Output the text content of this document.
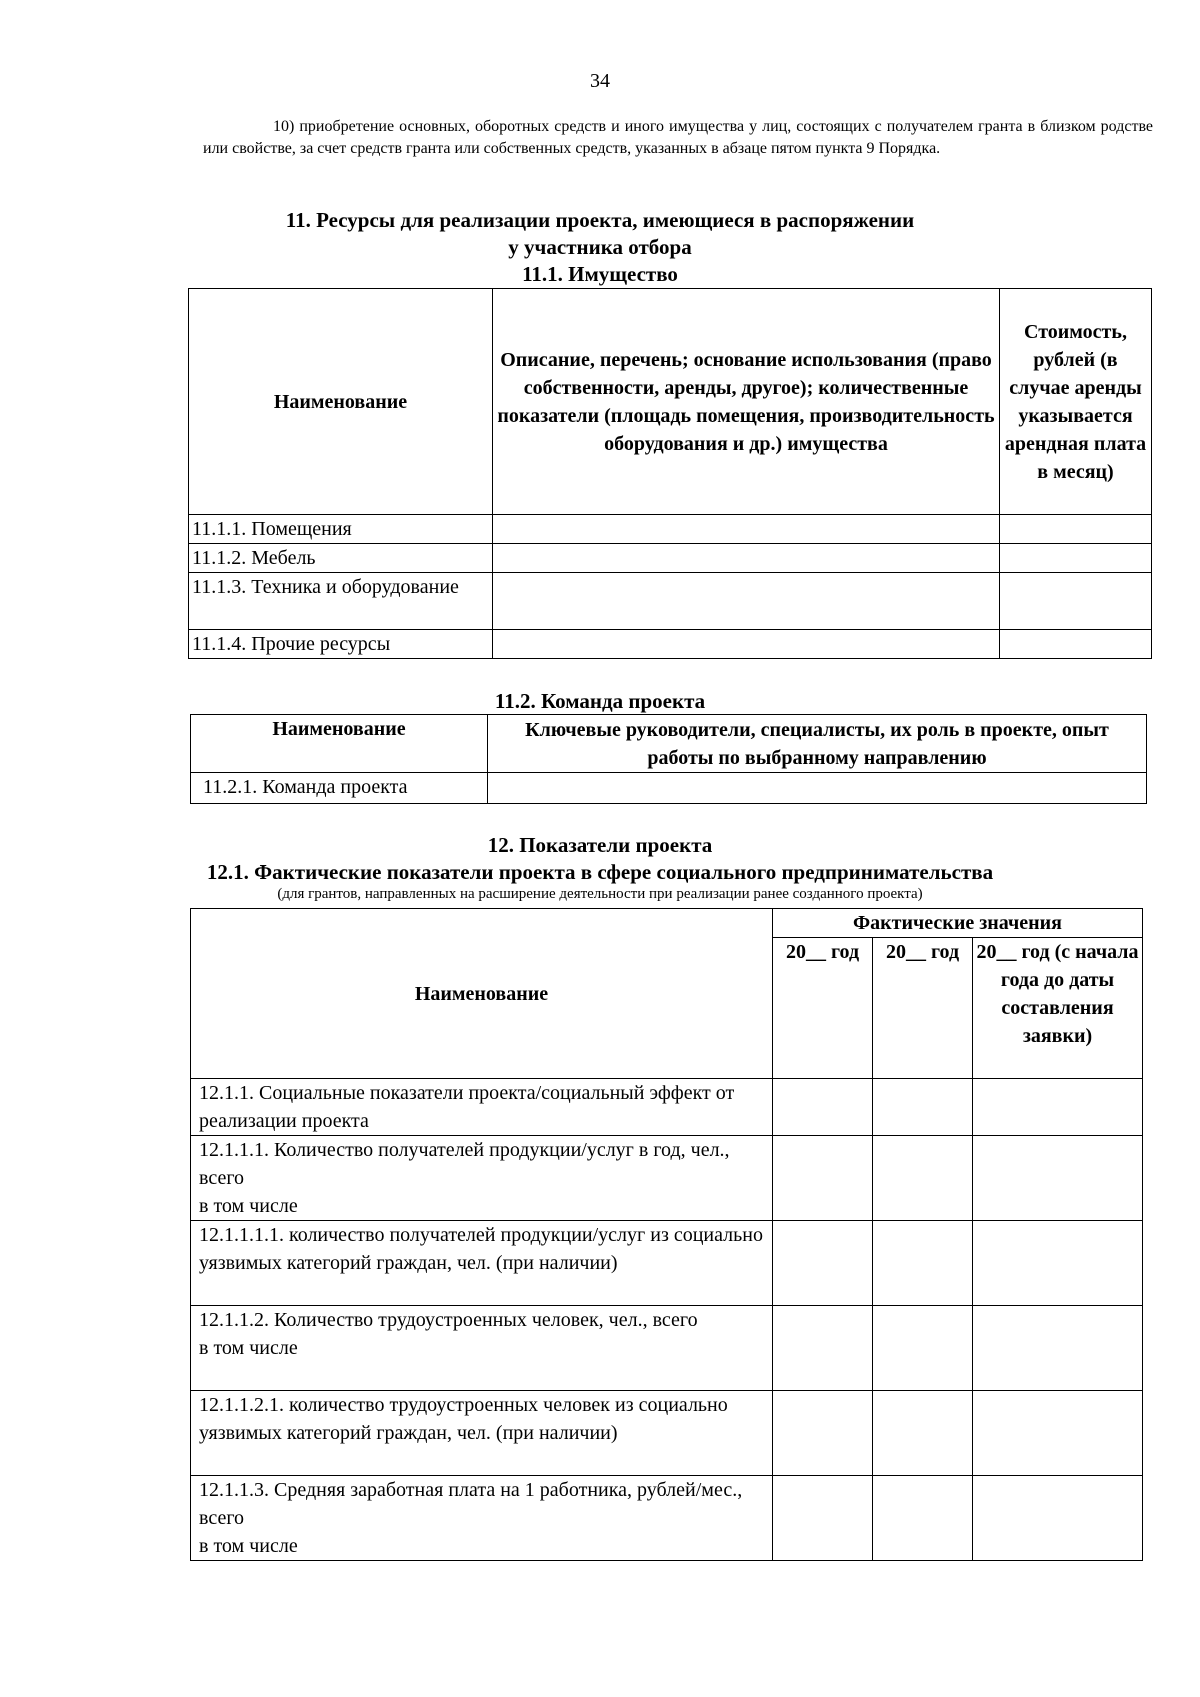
34

10) приобретение основных, оборотных средств и иного имущества у лиц, состоящих с получателем гранта в близком родстве или свойстве, за счет средств гранта или собственных средств, указанных в абзаце пятом пункта 9 Порядка.

11. Ресурсы для реализации проекта, имеющиеся в распоряжении
у участника отбора
11.1. Имущество
Наименование	Описание, перечень; основание использования (право собственности, аренды, другое); количественные показатели (площадь помещения, производительность оборудования и др.) имущества	Стоимость, рублей (в случае аренды указывается арендная плата в месяц)
11.1.1. Помещения		
11.1.2. Мебель		
11.1.3. Техника и оборудование		
11.1.4. Прочие ресурсы		
11.2. Команда проекта
Наименование	Ключевые руководители, специалисты, их роль в проекте, опыт работы по выбранному направлению
11.2.1. Команда проекта	
12. Показатели проекта
12.1. Фактические показатели проекта в сфере социального предпринимательства
(для грантов, направленных на расширение деятельности при реализации ранее созданного проекта)
Наименование	Фактические значения		
	20__ год	20__ год	20__ год (с начала года до даты составления заявки)
12.1.1. Социальные показатели проекта/социальный эффект от реализации проекта			
12.1.1.1. Количество получателей продукции/услуг в год, чел., всего
в том числе			
12.1.1.1.1. количество получателей продукции/услуг из социально уязвимых категорий граждан, чел. (при наличии)			
12.1.1.2. Количество трудоустроенных человек, чел., всего
в том числе			
12.1.1.2.1. количество трудоустроенных человек из социально уязвимых категорий граждан, чел. (при наличии)			
12.1.1.3. Средняя заработная плата на 1 работника, рублей/мес., всего
в том числе			
